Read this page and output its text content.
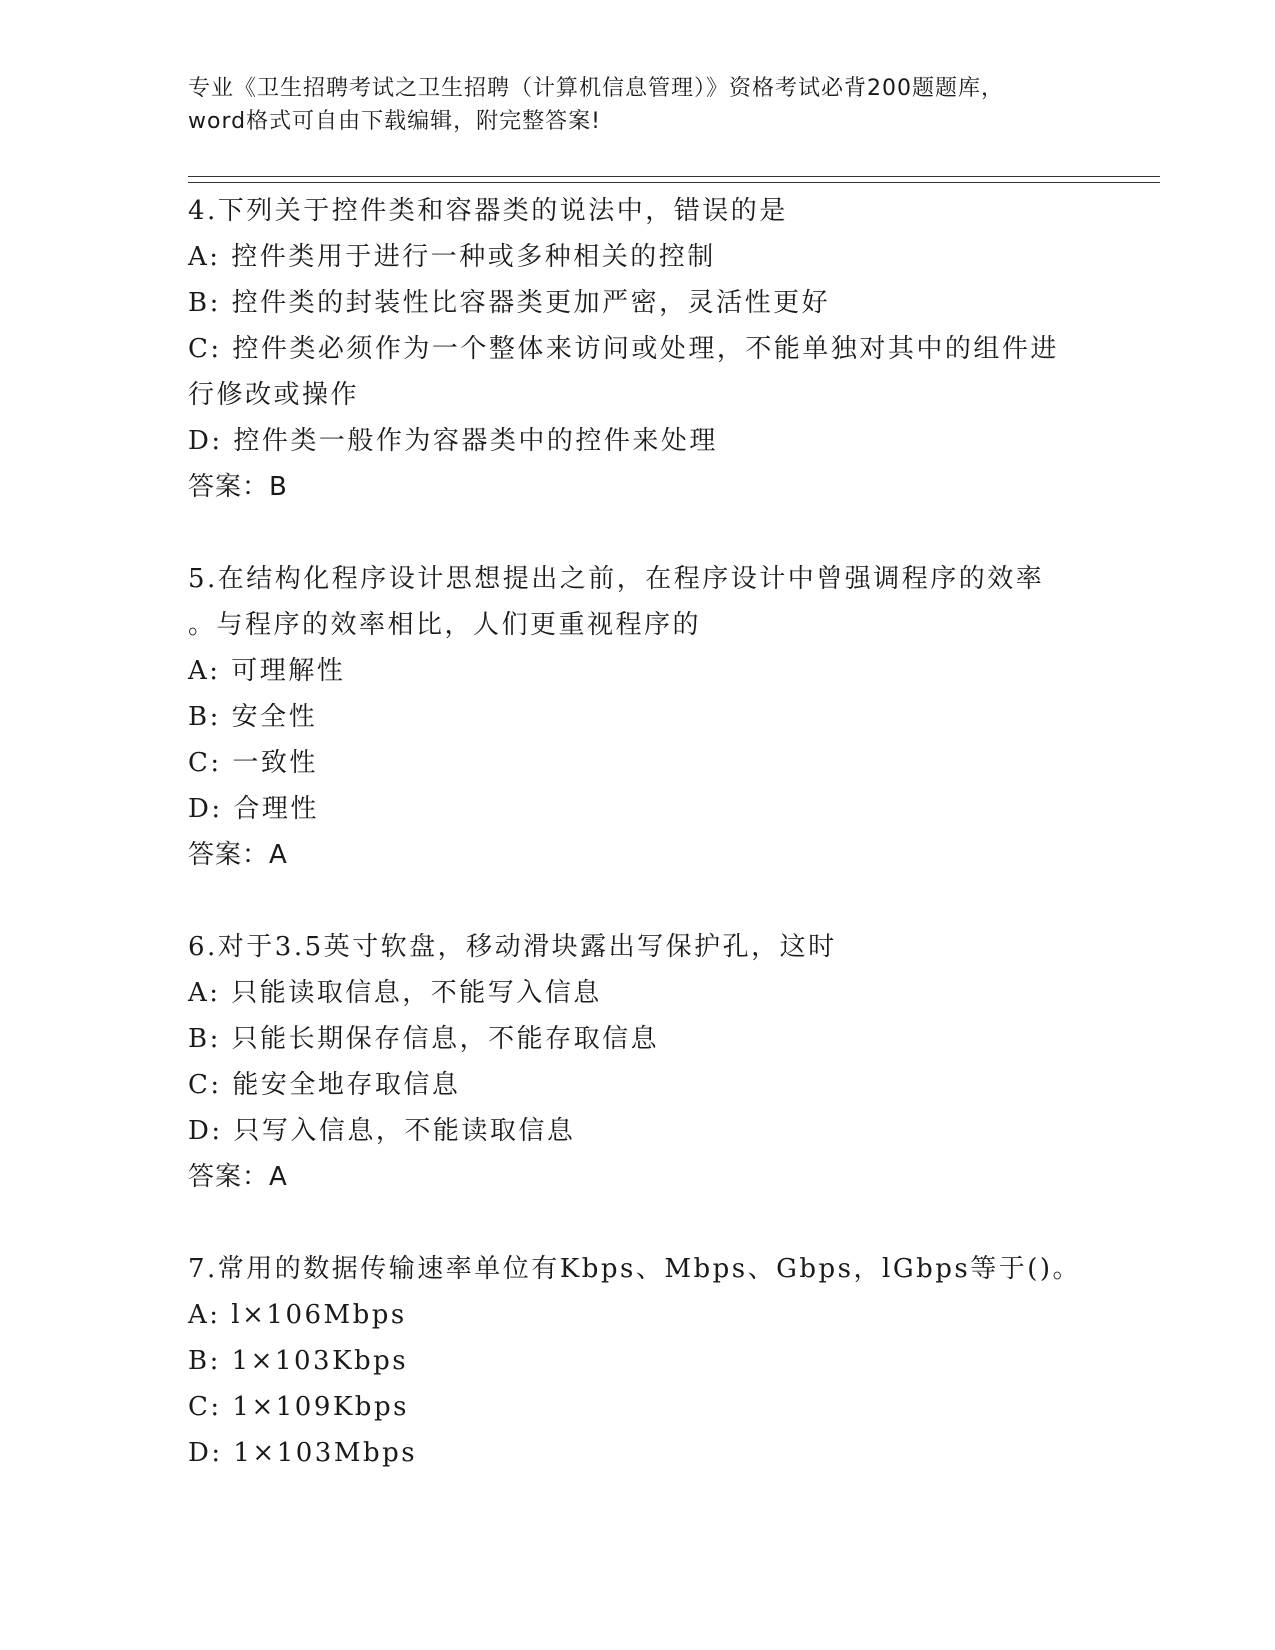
专业《卫生招聘考试之卫生招聘（计算机信息管理）》资格考试必背200题题库，
word格式可自由下载编辑，附完整答案!
4.下列关于控件类和容器类的说法中，错误的是
A: 控件类用于进行一种或多种相关的控制
B: 控件类的封装性比容器类更加严密，灵活性更好
C: 控件类必须作为一个整体来访问或处理，不能单独对其中的组件进
行修改或操作
D: 控件类一般作为容器类中的控件来处理
答案：B
5.在结构化程序设计思想提出之前，在程序设计中曾强调程序的效率
。与程序的效率相比，人们更重视程序的
A: 可理解性
B: 安全性
C: 一致性
D: 合理性
答案：A
6.对于3.5英寸软盘，移动滑块露出写保护孔，这时
A: 只能读取信息，不能写入信息
B: 只能长期保存信息，不能存取信息
C: 能安全地存取信息
D: 只写入信息，不能读取信息
答案：A
7.常用的数据传输速率单位有Kbps、Mbps、Gbps，lGbps等于()。
A: l×106Mbps
B: 1×103Kbps
C: 1×109Kbps
D: 1×103Mbps
